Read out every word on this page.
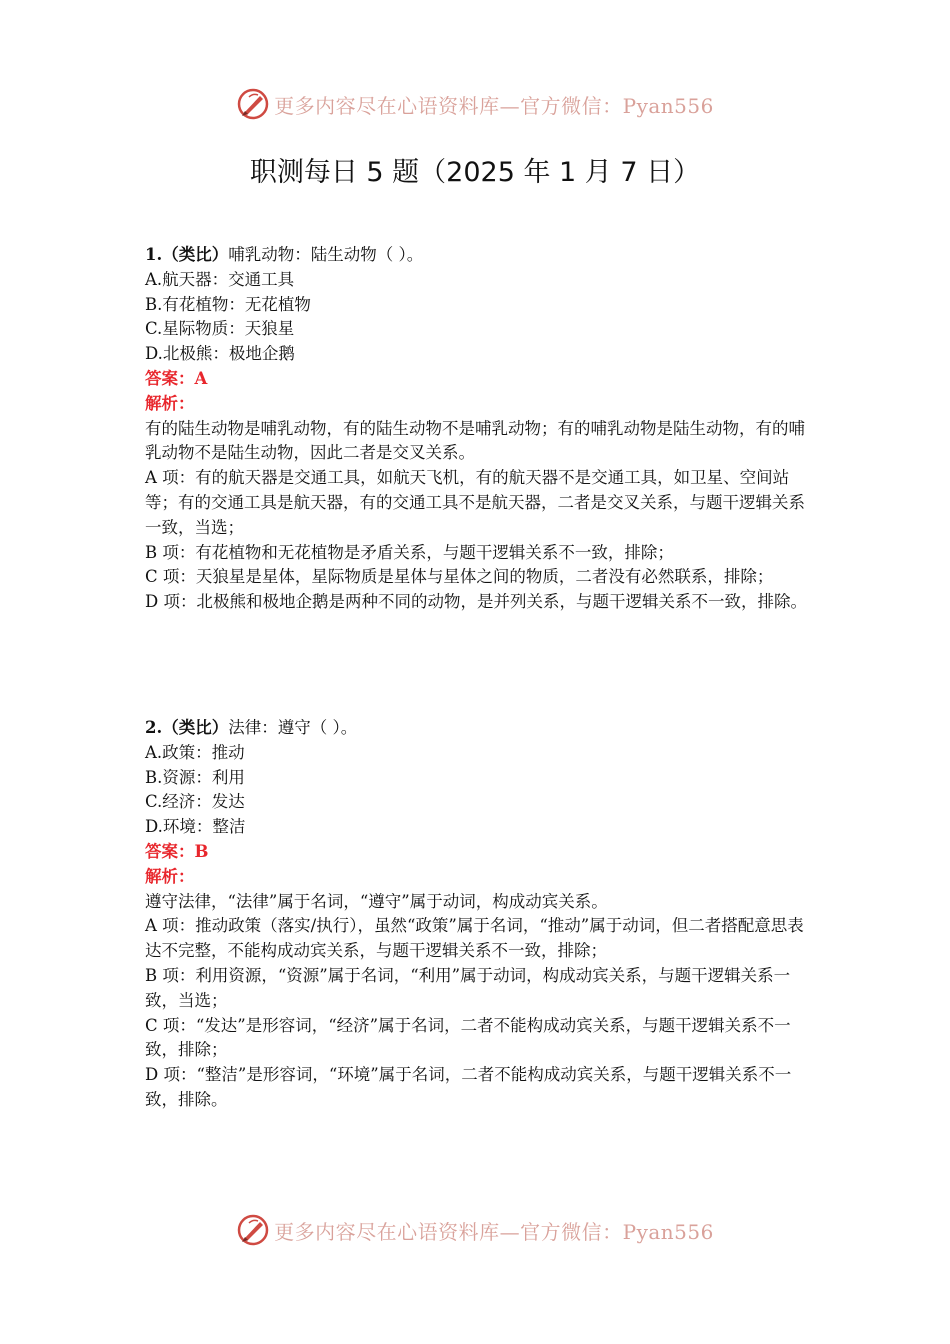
更多内容尽在心语资料库—官方微信：Pyan556
职测每日 5 题（2025 年 1 月 7 日）

1.（类比）哺乳动物：陆生动物（ ）。

A.航天器：交通工具

B.有花植物：无花植物

C.星际物质：天狼星

D.北极熊：极地企鹅

答案：A

解析：

有的陆生动物是哺乳动物，有的陆生动物不是哺乳动物；有的哺乳动物是陆生动物，有的哺乳动物不是陆生动物，因此二者是交叉关系。

A 项：有的航天器是交通工具，如航天飞机，有的航天器不是交通工具，如卫星、空间站等；有的交通工具是航天器，有的交通工具不是航天器，二者是交叉关系，与题干逻辑关系一致，当选；

B 项：有花植物和无花植物是矛盾关系，与题干逻辑关系不一致，排除；

C 项：天狼星是星体，星际物质是星体与星体之间的物质，二者没有必然联系，排除；

D 项：北极熊和极地企鹅是两种不同的动物，是并列关系，与题干逻辑关系不一致，排除。

2.（类比）法律：遵守（ ）。

A.政策：推动

B.资源：利用

C.经济：发达

D.环境：整洁

答案：B

解析：

遵守法律，“法律”属于名词，“遵守”属于动词，构成动宾关系。

A 项：推动政策（落实/执行），虽然“政策”属于名词，“推动”属于动词，但二者搭配意思表达不完整，不能构成动宾关系，与题干逻辑关系不一致，排除；

B 项：利用资源，“资源”属于名词，“利用”属于动词，构成动宾关系，与题干逻辑关系一致，当选；

C 项：“发达”是形容词，“经济”属于名词，二者不能构成动宾关系，与题干逻辑关系不一致，排除；

D 项：“整洁”是形容词，“环境”属于名词，二者不能构成动宾关系，与题干逻辑关系不一致，排除。

更多内容尽在心语资料库—官方微信：Pyan556
